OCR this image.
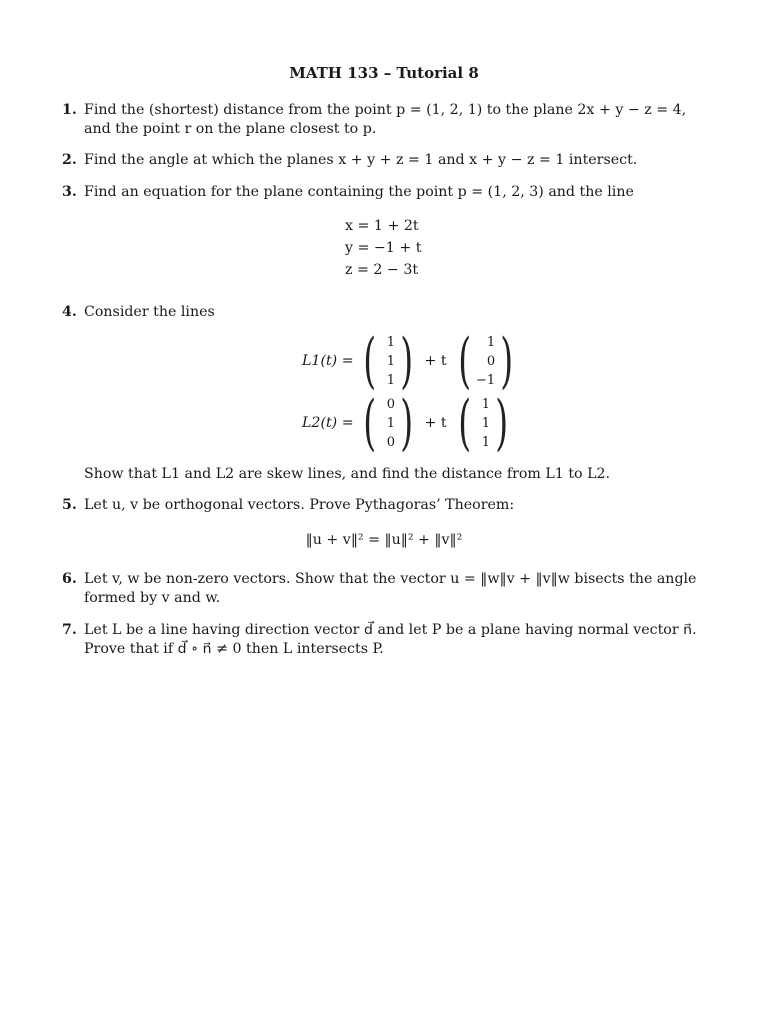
MATH 133 – Tutorial 8
1. Find the (shortest) distance from the point p = (1, 2, 1) to the plane 2x + y − z = 4, and the point r on the plane closest to p.
2. Find the angle at which the planes x + y + z = 1 and x + y − z = 1 intersect.
3. Find an equation for the plane containing the point p = (1, 2, 3) and the line
x = 1 + 2t
y = −1 + t
z = 2 − 3t
4. Consider the lines
L1(t) = ( 1
1
1 ) + t ( 1
0
−1 )
L2(t) = ( 0
1
0 ) + t ( 1
1
1 )
Show that L1 and L2 are skew lines, and find the distance from L1 to L2.
5. Let u, v be orthogonal vectors. Prove Pythagoras’ Theorem:
‖u + v‖² = ‖u‖² + ‖v‖²
6. Let v, w be non-zero vectors. Show that the vector u = ‖w‖v + ‖v‖w bisects the angle formed by v and w.
7. Let L be a line having direction vector d⃗ and let P be a plane having normal vector n⃗. Prove that if d⃗ ∘ n⃗ ≠ 0 then L intersects P.
